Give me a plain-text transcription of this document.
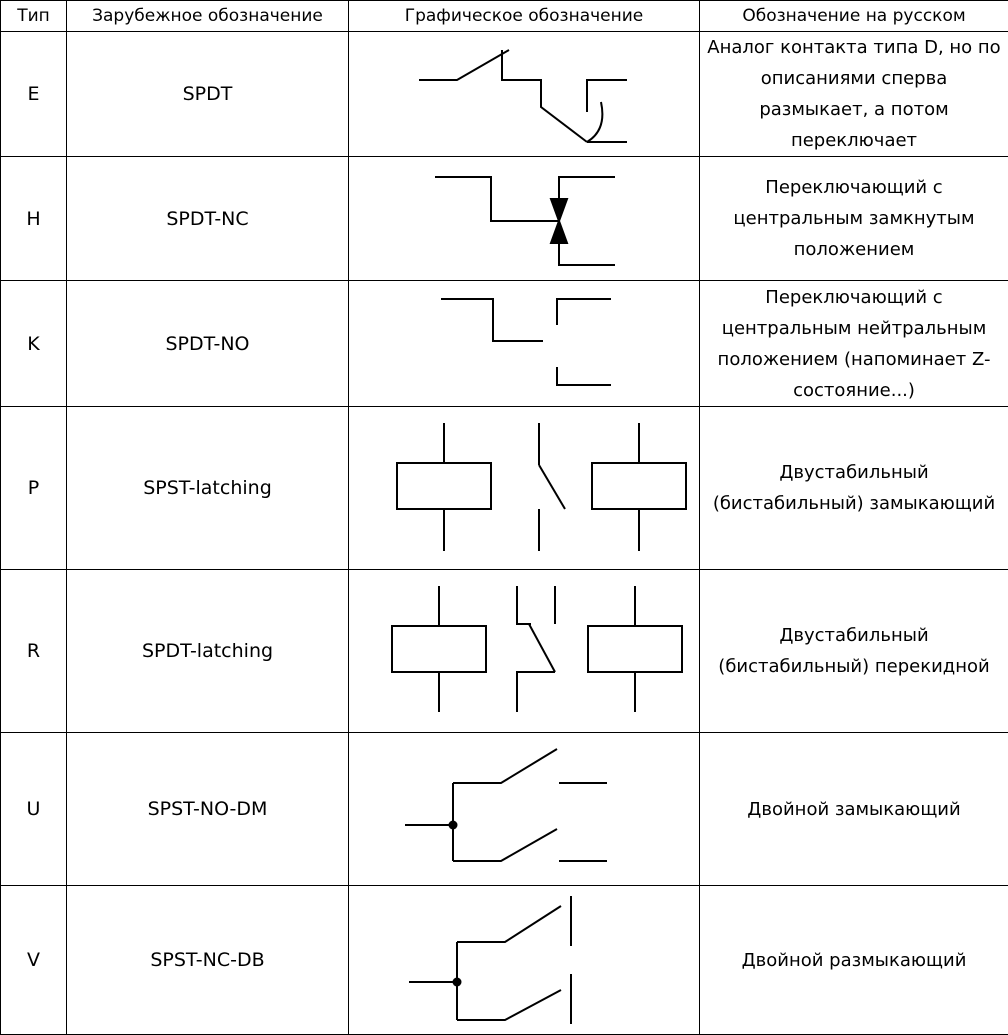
Тип	Зарубежное обозначение	Графическое обозначение	Обозначение на русском
E	SPDT		Аналог контакта типа D, но по описаниями сперва размыкает, а потом переключает
H	SPDT-NC		Переключающий с центральным замкнутым положением
K	SPDT-NO		Переключающий с центральным нейтральным положением (напоминает Z-состояние...)
P	SPST-latching		Двустабильный (бистабильный) замыкающий
R	SPDT-latching		Двустабильный (бистабильный) перекидной
U	SPST-NO-DM		Двойной замыкающий
V	SPST-NC-DB		Двойной размыкающий
